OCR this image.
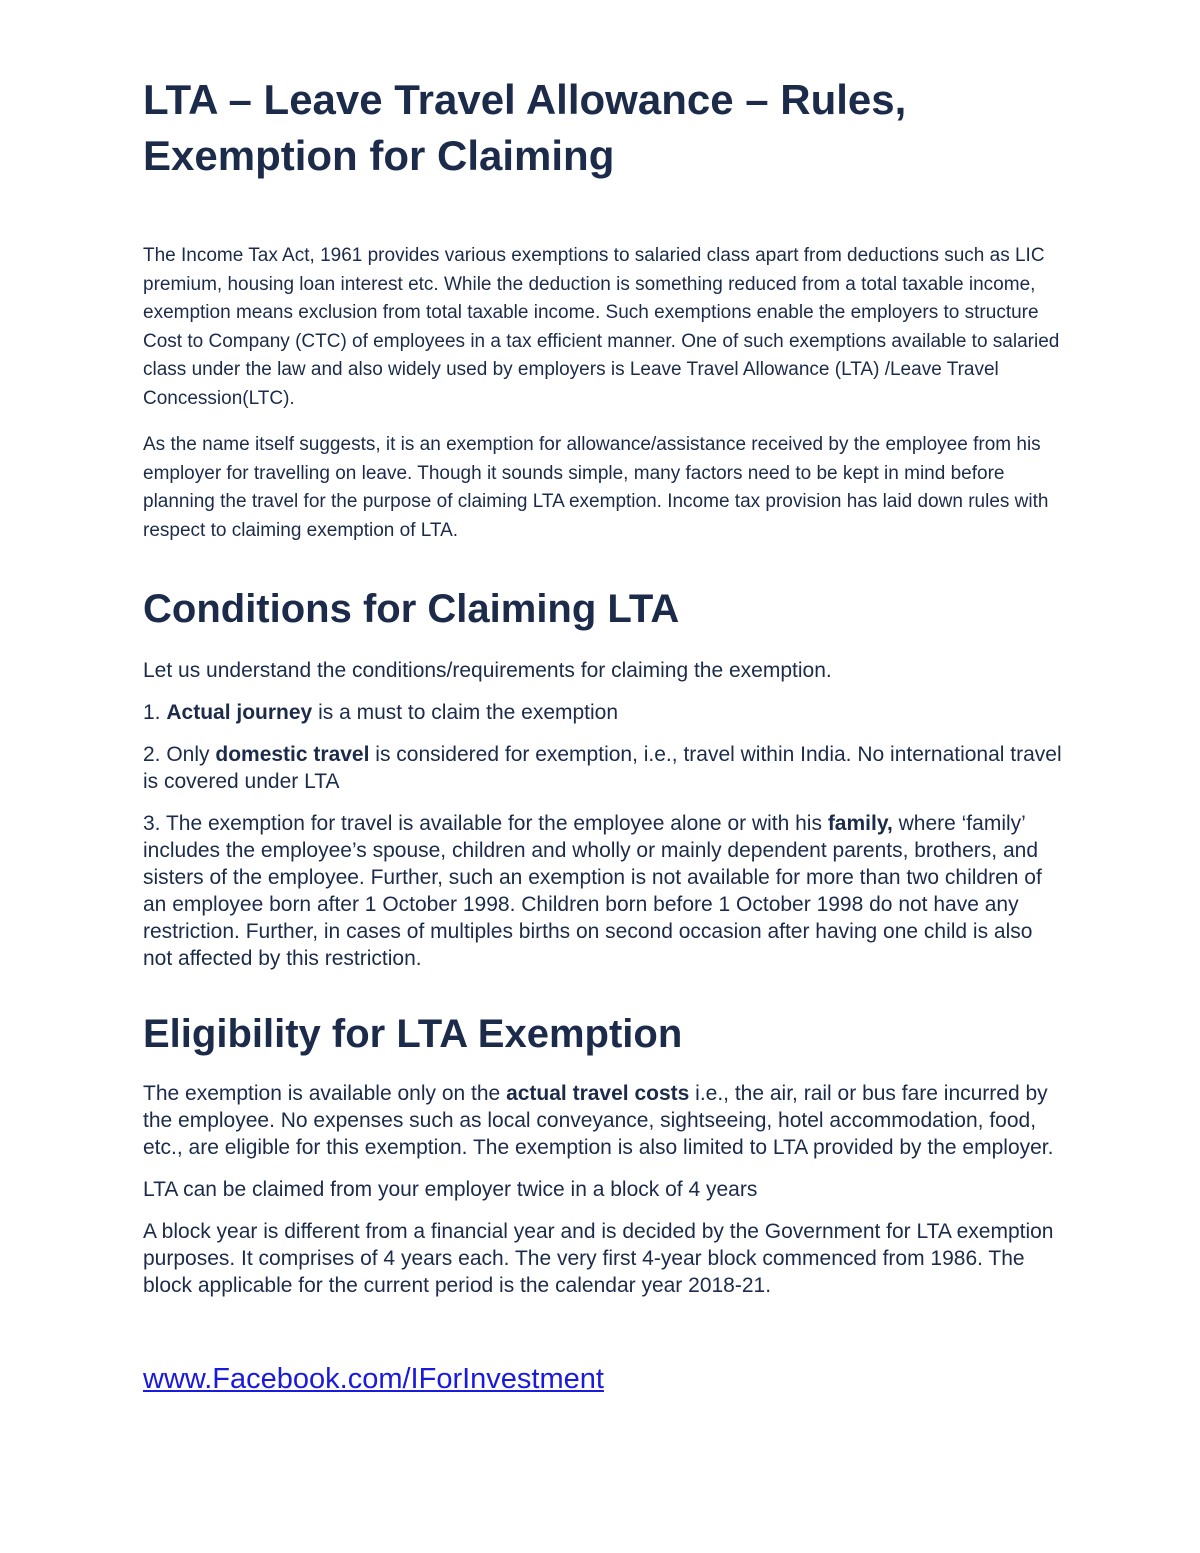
LTA – Leave Travel Allowance – Rules, Exemption for Claiming

The Income Tax Act, 1961 provides various exemptions to salaried class apart from deductions such as LIC premium, housing loan interest etc. While the deduction is something reduced from a total taxable income, exemption means exclusion from total taxable income. Such exemptions enable the employers to structure Cost to Company (CTC) of employees in a tax efficient manner. One of such exemptions available to salaried class under the law and also widely used by employers is Leave Travel Allowance (LTA) /Leave Travel Concession(LTC).

As the name itself suggests, it is an exemption for allowance/assistance received by the employee from his employer for travelling on leave. Though it sounds simple, many factors need to be kept in mind before planning the travel for the purpose of claiming LTA exemption. Income tax provision has laid down rules with respect to claiming exemption of LTA.

Conditions for Claiming LTA

Let us understand the conditions/requirements for claiming the exemption.

1. Actual journey is a must to claim the exemption

2. Only domestic travel is considered for exemption, i.e., travel within India. No international travel is covered under LTA

3. The exemption for travel is available for the employee alone or with his family, where ‘family’ includes the employee’s spouse, children and wholly or mainly dependent parents, brothers, and sisters of the employee. Further, such an exemption is not available for more than two children of an employee born after 1 October 1998. Children born before 1 October 1998 do not have any restriction. Further, in cases of multiples births on second occasion after having one child is also not affected by this restriction.

Eligibility for LTA Exemption

The exemption is available only on the actual travel costs i.e., the air, rail or bus fare incurred by the employee. No expenses such as local conveyance, sightseeing, hotel accommodation, food, etc., are eligible for this exemption. The exemption is also limited to LTA provided by the employer.

LTA can be claimed from your employer twice in a block of 4 years

A block year is different from a financial year and is decided by the Government for LTA exemption purposes. It comprises of 4 years each. The very first 4-year block commenced from 1986. The block applicable for the current period is the calendar year 2018-21.

www.Facebook.com/IForInvestment
